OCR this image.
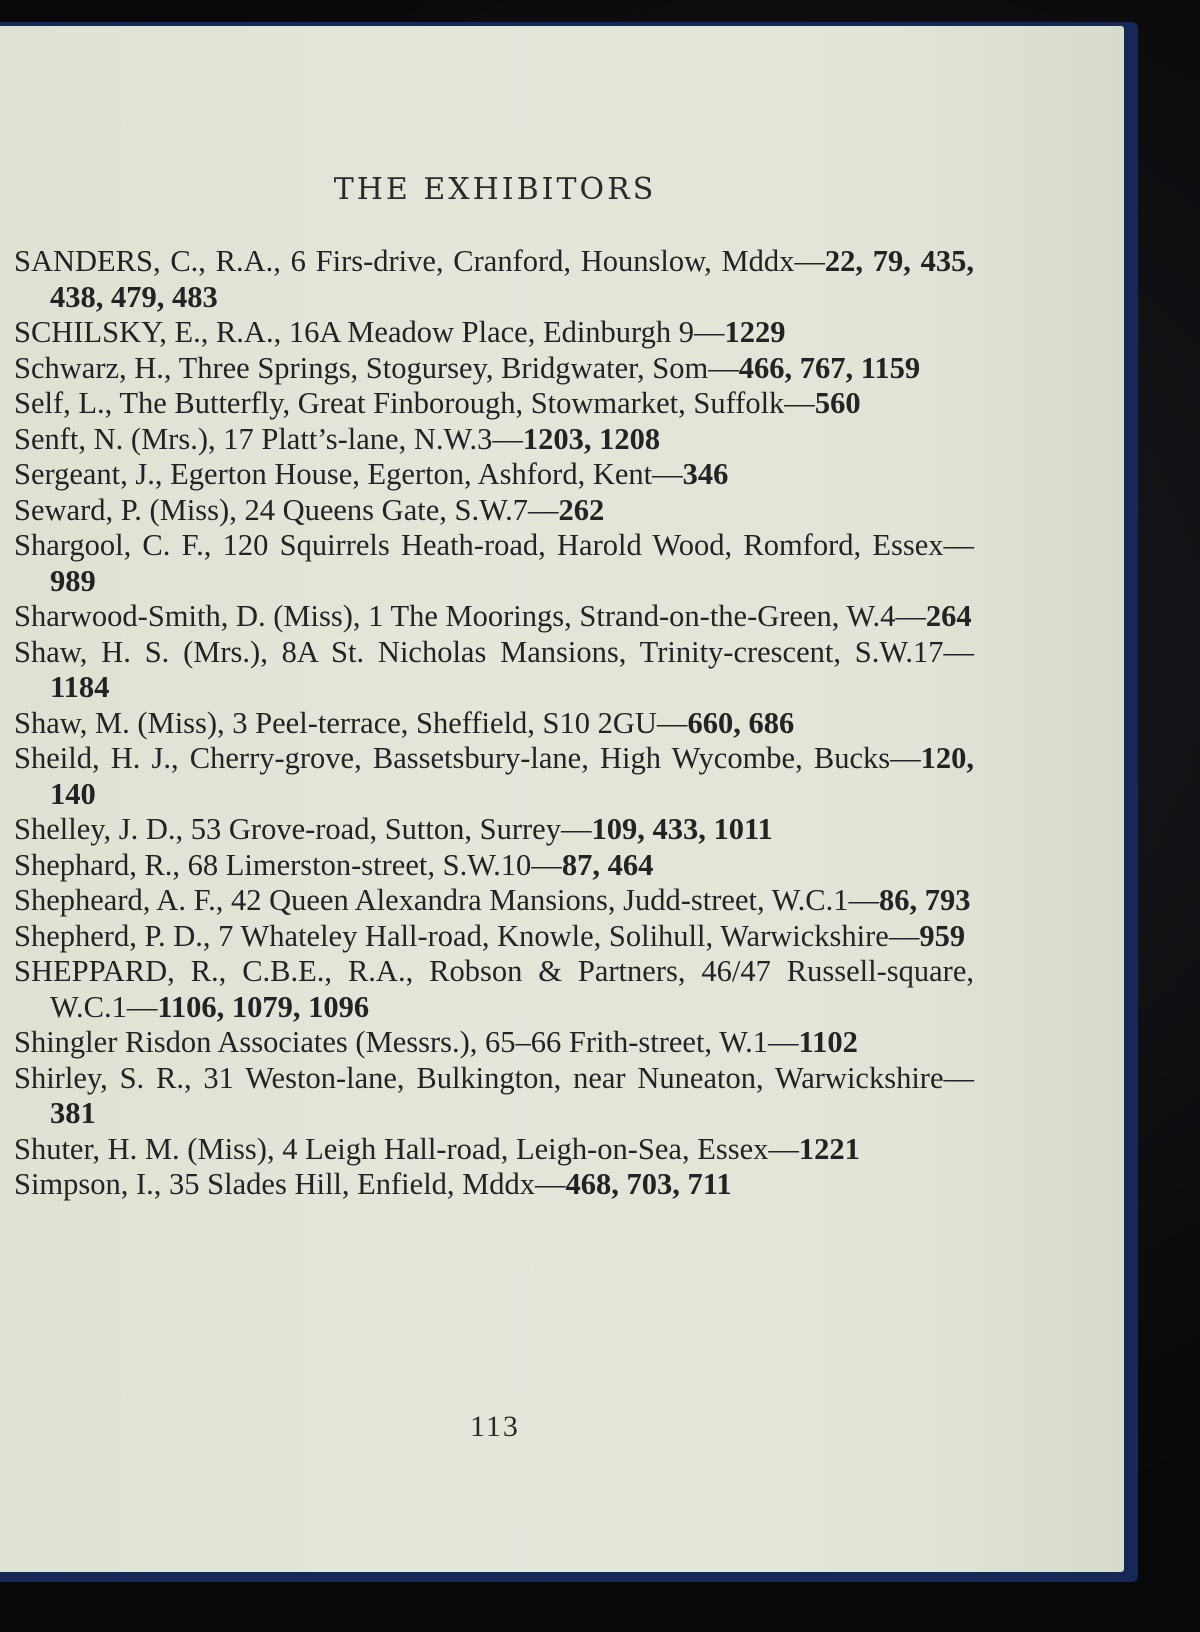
THE EXHIBITORS
SANDERS, C., R.A., 6 Firs-drive, Cranford, Hounslow, Mddx—22, 79, 435, 438, 479, 483
SCHILSKY, E., R.A., 16A Meadow Place, Edinburgh 9—1229
Schwarz, H., Three Springs, Stogursey, Bridgwater, Som—466, 767, 1159
Self, L., The Butterfly, Great Finborough, Stowmarket, Suffolk—560
Senft, N. (Mrs.), 17 Platt’s-lane, N.W.3—1203, 1208
Sergeant, J., Egerton House, Egerton, Ashford, Kent—346
Seward, P. (Miss), 24 Queens Gate, S.W.7—262
Shargool, C. F., 120 Squirrels Heath-road, Harold Wood, Romford, Essex—989
Sharwood-Smith, D. (Miss), 1 The Moorings, Strand-on-the-Green, W.4—264
Shaw, H. S. (Mrs.), 8A St. Nicholas Mansions, Trinity-crescent, S.W.17—1184
Shaw, M. (Miss), 3 Peel-terrace, Sheffield, S10 2GU—660, 686
Sheild, H. J., Cherry-grove, Bassetsbury-lane, High Wycombe, Bucks—120, 140
Shelley, J. D., 53 Grove-road, Sutton, Surrey—109, 433, 1011
Shephard, R., 68 Limerston-street, S.W.10—87, 464
Shepheard, A. F., 42 Queen Alexandra Mansions, Judd-street, W.C.1—86, 793
Shepherd, P. D., 7 Whateley Hall-road, Knowle, Solihull, Warwickshire—959
SHEPPARD, R., C.B.E., R.A., Robson & Partners, 46/47 Russell-square, W.C.1—1106, 1079, 1096
Shingler Risdon Associates (Messrs.), 65–66 Frith-street, W.1—1102
Shirley, S. R., 31 Weston-lane, Bulkington, near Nuneaton, Warwickshire—381
Shuter, H. M. (Miss), 4 Leigh Hall-road, Leigh-on-Sea, Essex—1221
Simpson, I., 35 Slades Hill, Enfield, Mddx—468, 703, 711
113
